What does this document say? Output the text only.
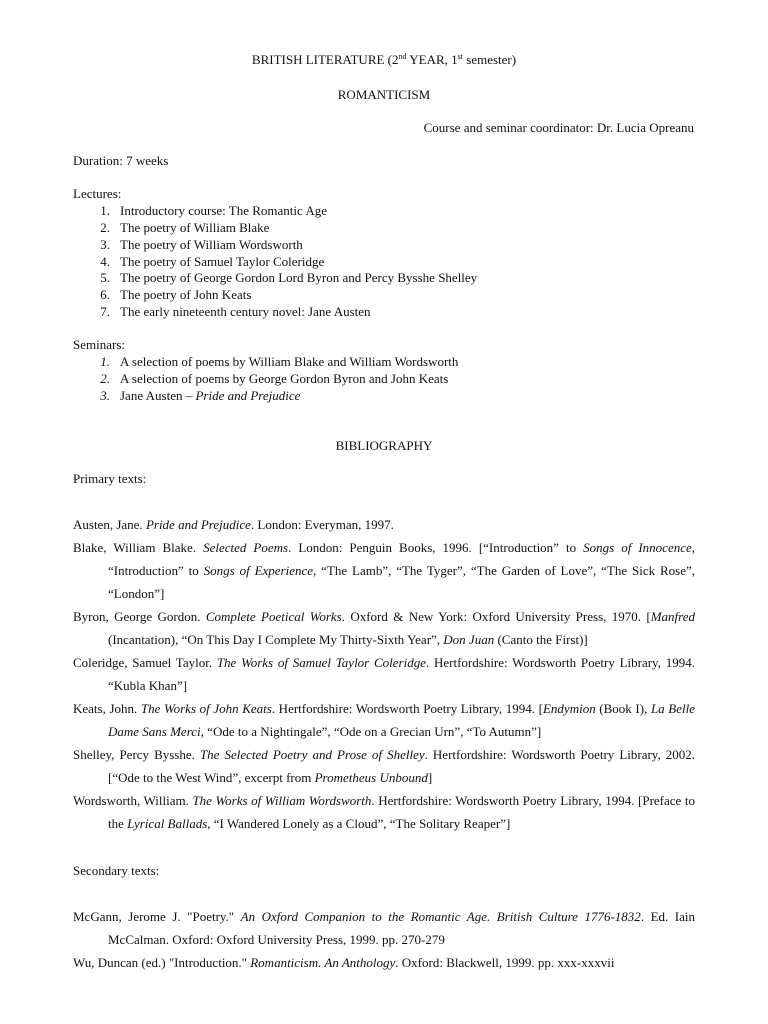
BRITISH LITERATURE (2nd YEAR, 1st semester)
ROMANTICISM
Course and seminar coordinator: Dr. Lucia Opreanu
Duration: 7 weeks
Lectures:
1. Introductory course: The Romantic Age
2. The poetry of William Blake
3. The poetry of William Wordsworth
4. The poetry of Samuel Taylor Coleridge
5. The poetry of George Gordon Lord Byron and Percy Bysshe Shelley
6. The poetry of John Keats
7. The early nineteenth century novel: Jane Austen
Seminars:
1. A selection of poems by William Blake and William Wordsworth
2. A selection of poems by George Gordon Byron and John Keats
3. Jane Austen – Pride and Prejudice
BIBLIOGRAPHY
Primary texts:

Austen, Jane. Pride and Prejudice. London: Everyman, 1997.

Blake, William Blake. Selected Poems. London: Penguin Books, 1996. [“Introduction” to Songs of Innocence, “Introduction” to Songs of Experience, “The Lamb”, “The Tyger”, “The Garden of Love”, “The Sick Rose”, “London”]

Byron, George Gordon. Complete Poetical Works. Oxford & New York: Oxford University Press, 1970. [Manfred (Incantation), “On This Day I Complete My Thirty-Sixth Year”, Don Juan (Canto the First)]

Coleridge, Samuel Taylor. The Works of Samuel Taylor Coleridge. Hertfordshire: Wordsworth Poetry Library, 1994. “Kubla Khan”]

Keats, John. The Works of John Keats. Hertfordshire: Wordsworth Poetry Library, 1994. [Endymion (Book I), La Belle Dame Sans Merci, “Ode to a Nightingale”, “Ode on a Grecian Urn”, “To Autumn”]

Shelley, Percy Bysshe. The Selected Poetry and Prose of Shelley. Hertfordshire: Wordsworth Poetry Library, 2002. [“Ode to the West Wind”, excerpt from Prometheus Unbound]

Wordsworth, William. The Works of William Wordsworth. Hertfordshire: Wordsworth Poetry Library, 1994. [Preface to the Lyrical Ballads, “I Wandered Lonely as a Cloud”, “The Solitary Reaper”]

Secondary texts:

McGann, Jerome J. "Poetry." An Oxford Companion to the Romantic Age. British Culture 1776-1832. Ed. Iain McCalman. Oxford: Oxford University Press, 1999. pp. 270-279

Wu, Duncan (ed.) "Introduction." Romanticism. An Anthology. Oxford: Blackwell, 1999. pp. xxx-xxxvii
